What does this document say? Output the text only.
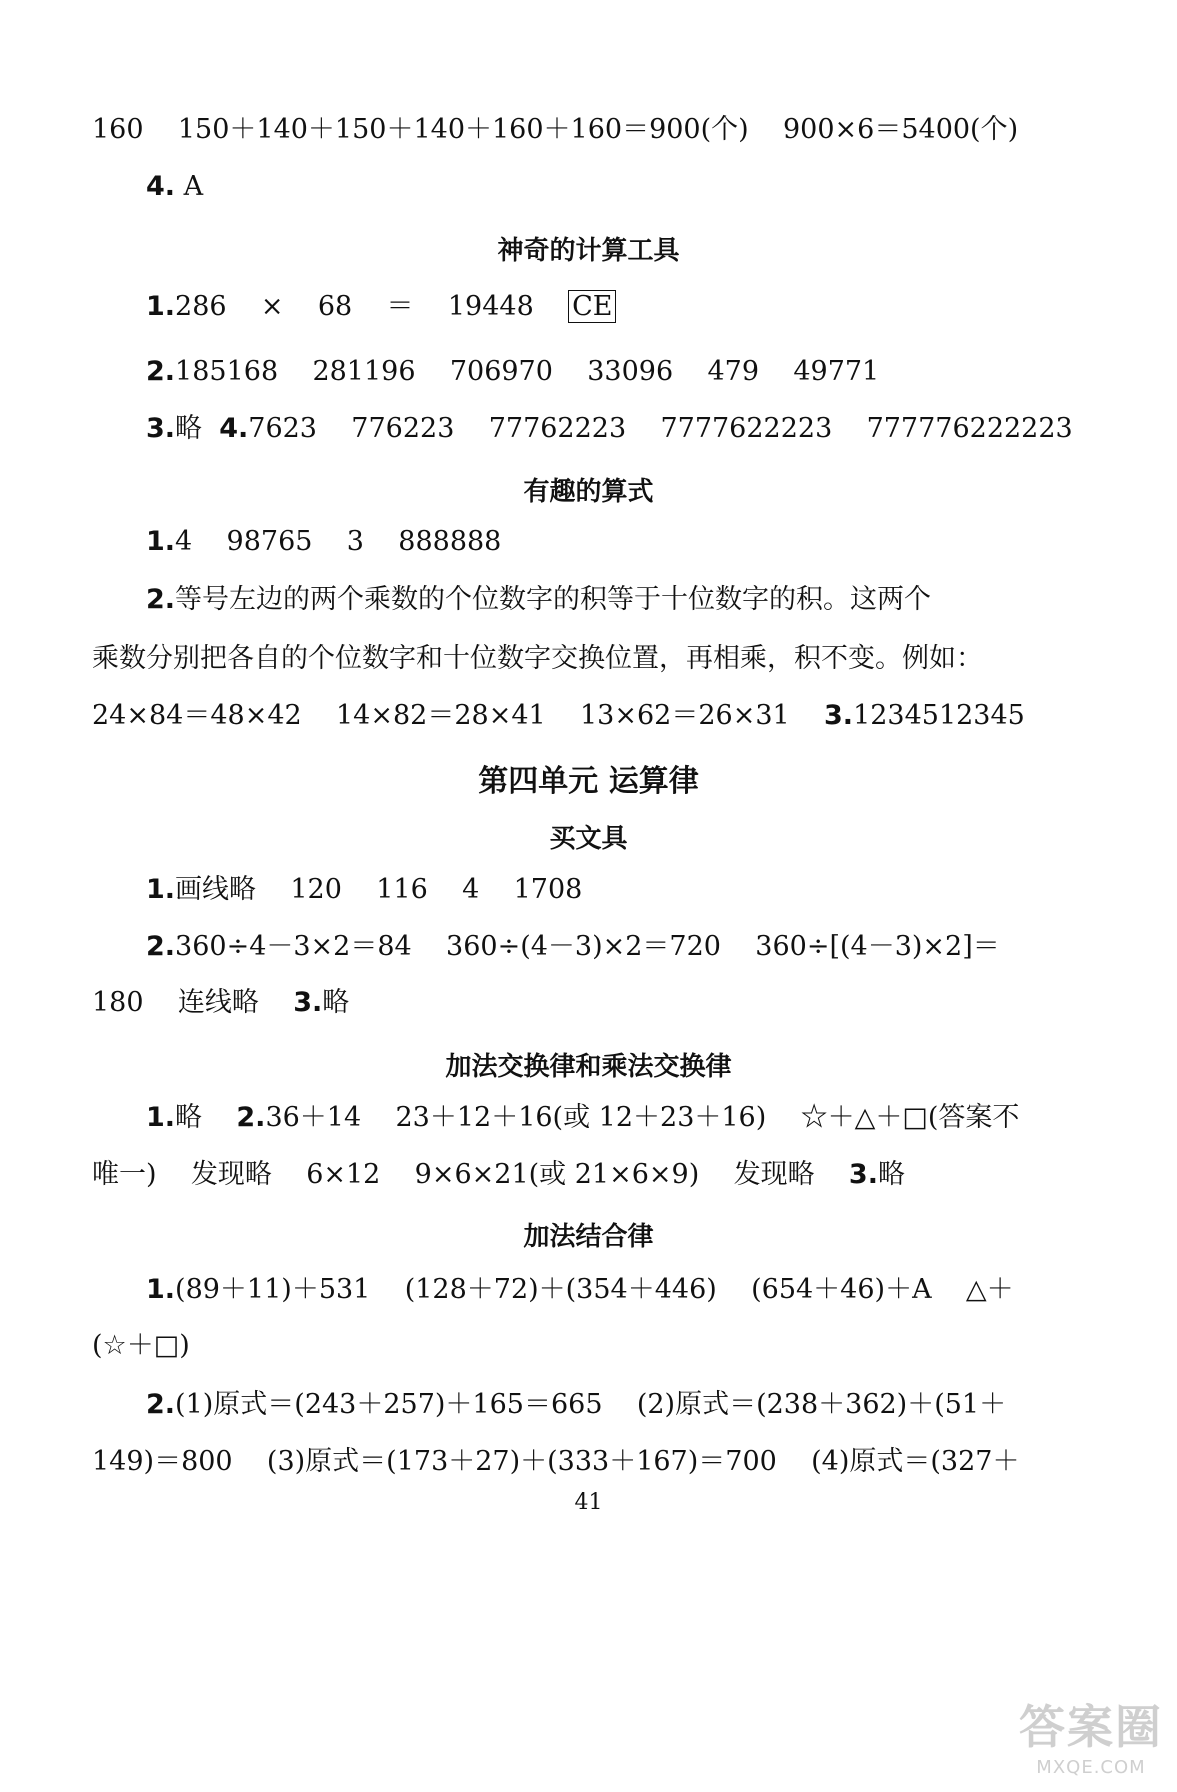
160    150＋140＋150＋140＋160＋160＝900(个)    900×6＝5400(个)
4. A
神奇的计算工具
1.286    ×    68    ＝    19448    CE
2.185168    281196    706970    33096    479    49771
3.略  4.7623    776223    77762223    7777622223    777776222223
有趣的算式
1.4    98765    3    888888
2.等号左边的两个乘数的个位数字的积等于十位数字的积。这两个
乘数分别把各自的个位数字和十位数字交换位置，再相乘，积不变。例如：
24×84＝48×42    14×82＝28×41    13×62＝26×31    3.1234512345
第四单元 运算律
买文具
1.画线略    120    116    4    1708
2.360÷4－3×2＝84    360÷(4－3)×2＝720    360÷[(4－3)×2]＝
180    连线略    3.略
加法交换律和乘法交换律
1.略    2.36＋14    23＋12＋16(或 12＋23＋16)    ☆＋△＋□(答案不
唯一)    发现略    6×12    9×6×21(或 21×6×9)    发现略    3.略
加法结合律
1.(89＋11)＋531    (128＋72)＋(354＋446)    (654＋46)＋A    △＋
(☆＋□)
2.(1)原式＝(243＋257)＋165＝665    (2)原式＝(238＋362)＋(51＋
149)＝800    (3)原式＝(173＋27)＋(333＋167)＝700    (4)原式＝(327＋
41
答案圈
MXQE.COM
